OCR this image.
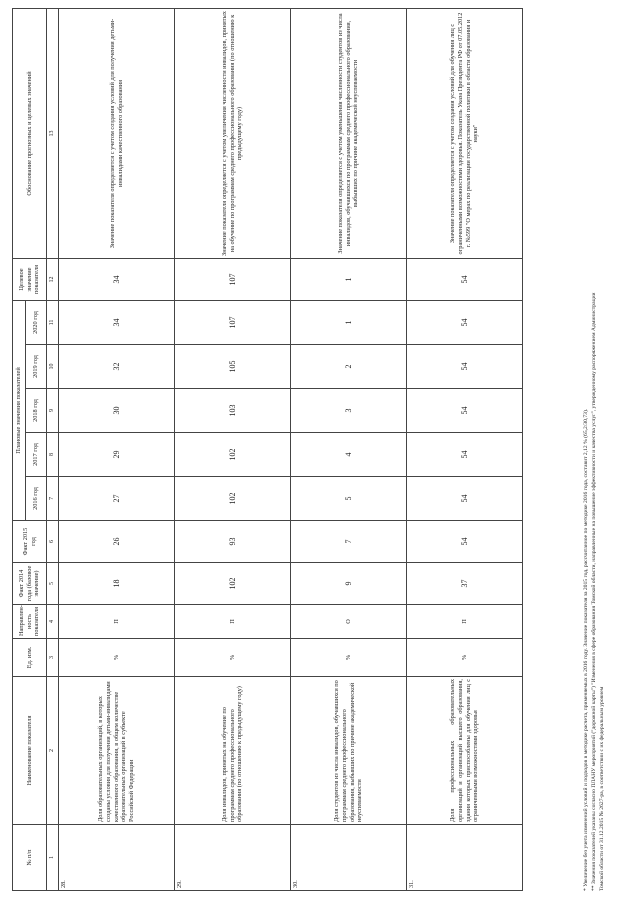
№ п/п	Наименование показателя	Ед. изм.	Направлен-ность показателя	Факт 2014 года (базовое значение)	Факт 2015 год	Плановые значения показателей					Целевое значение показателя	Обоснование прогнозных и целевых значений
						2016 год	2017 год	2018 год	2019 год	2020 год		
1	2	3	4	5	6	7	8	9	10	11	12	13
28.	Доля образовательных организаций, в которых созданы условия для получения детьми-инвалидами качественного образования, в общем количестве образовательных организаций в субъекте Российской Федерации	%	П	18	26	27	29	30	32	34	34	Значение показателя определяется с учетом создания условий для получения детьми-инвалидами качественного образования
29.	Доля инвалидов, принятых на обучение по программам среднего профессионального образования (по отношению к предыдущему году)	%	П	102	93	102	102	103	105	107	107	Значение показателя определяется с учетом увеличения численности инвалидов, принятых на обучение по программам среднего профессионального образования (по отношению к предыдущему году)
30.	Доля студентов из числа инвалидов, обучавшихся по программам среднего профессионального образования, выбывших по причине академической неуспеваемости	%	О	9	7	5	4	3	2	1	1	Значение показателя определяется с учетом уменьшения численности студентов из числа инвалидов, обучавшихся по программам среднего профессионального образования, выбывших по причине академической неуспеваемости
31.	Доля профессиональных образовательных организаций и организаций высшего образования, здания которых приспособлены для обучения лиц с ограниченными возможностями здоровья	%	П	37	54	54	54	54	54	54	54	Значение показателя определяется с учетом создания условий для обучения лиц с ограниченными возможностями здоровья. Показатель Указа Президента РФ от 07.05.2012 г. №599 "О мерах по реализации государственной политики в области образования и науки"
* Увеличение без учета изменений условий и подходов в методике расчета, применяемых в 2016 году. Значение показателя за 2015 год, рассчитанное по методике 2016 года, составит 2,12 % (65,2/30,73). ** Значения показателей указаны согласно ПЛАНУ мероприятий ("дорожной карты") "Изменения в сфере образования Томской области, направленные на повышение эффективности и качества услуг", утвержденному распоряжением Администрации Томской области от 31.12.2015 № 2627-ра, в соответствии с их федеральным уровнем
